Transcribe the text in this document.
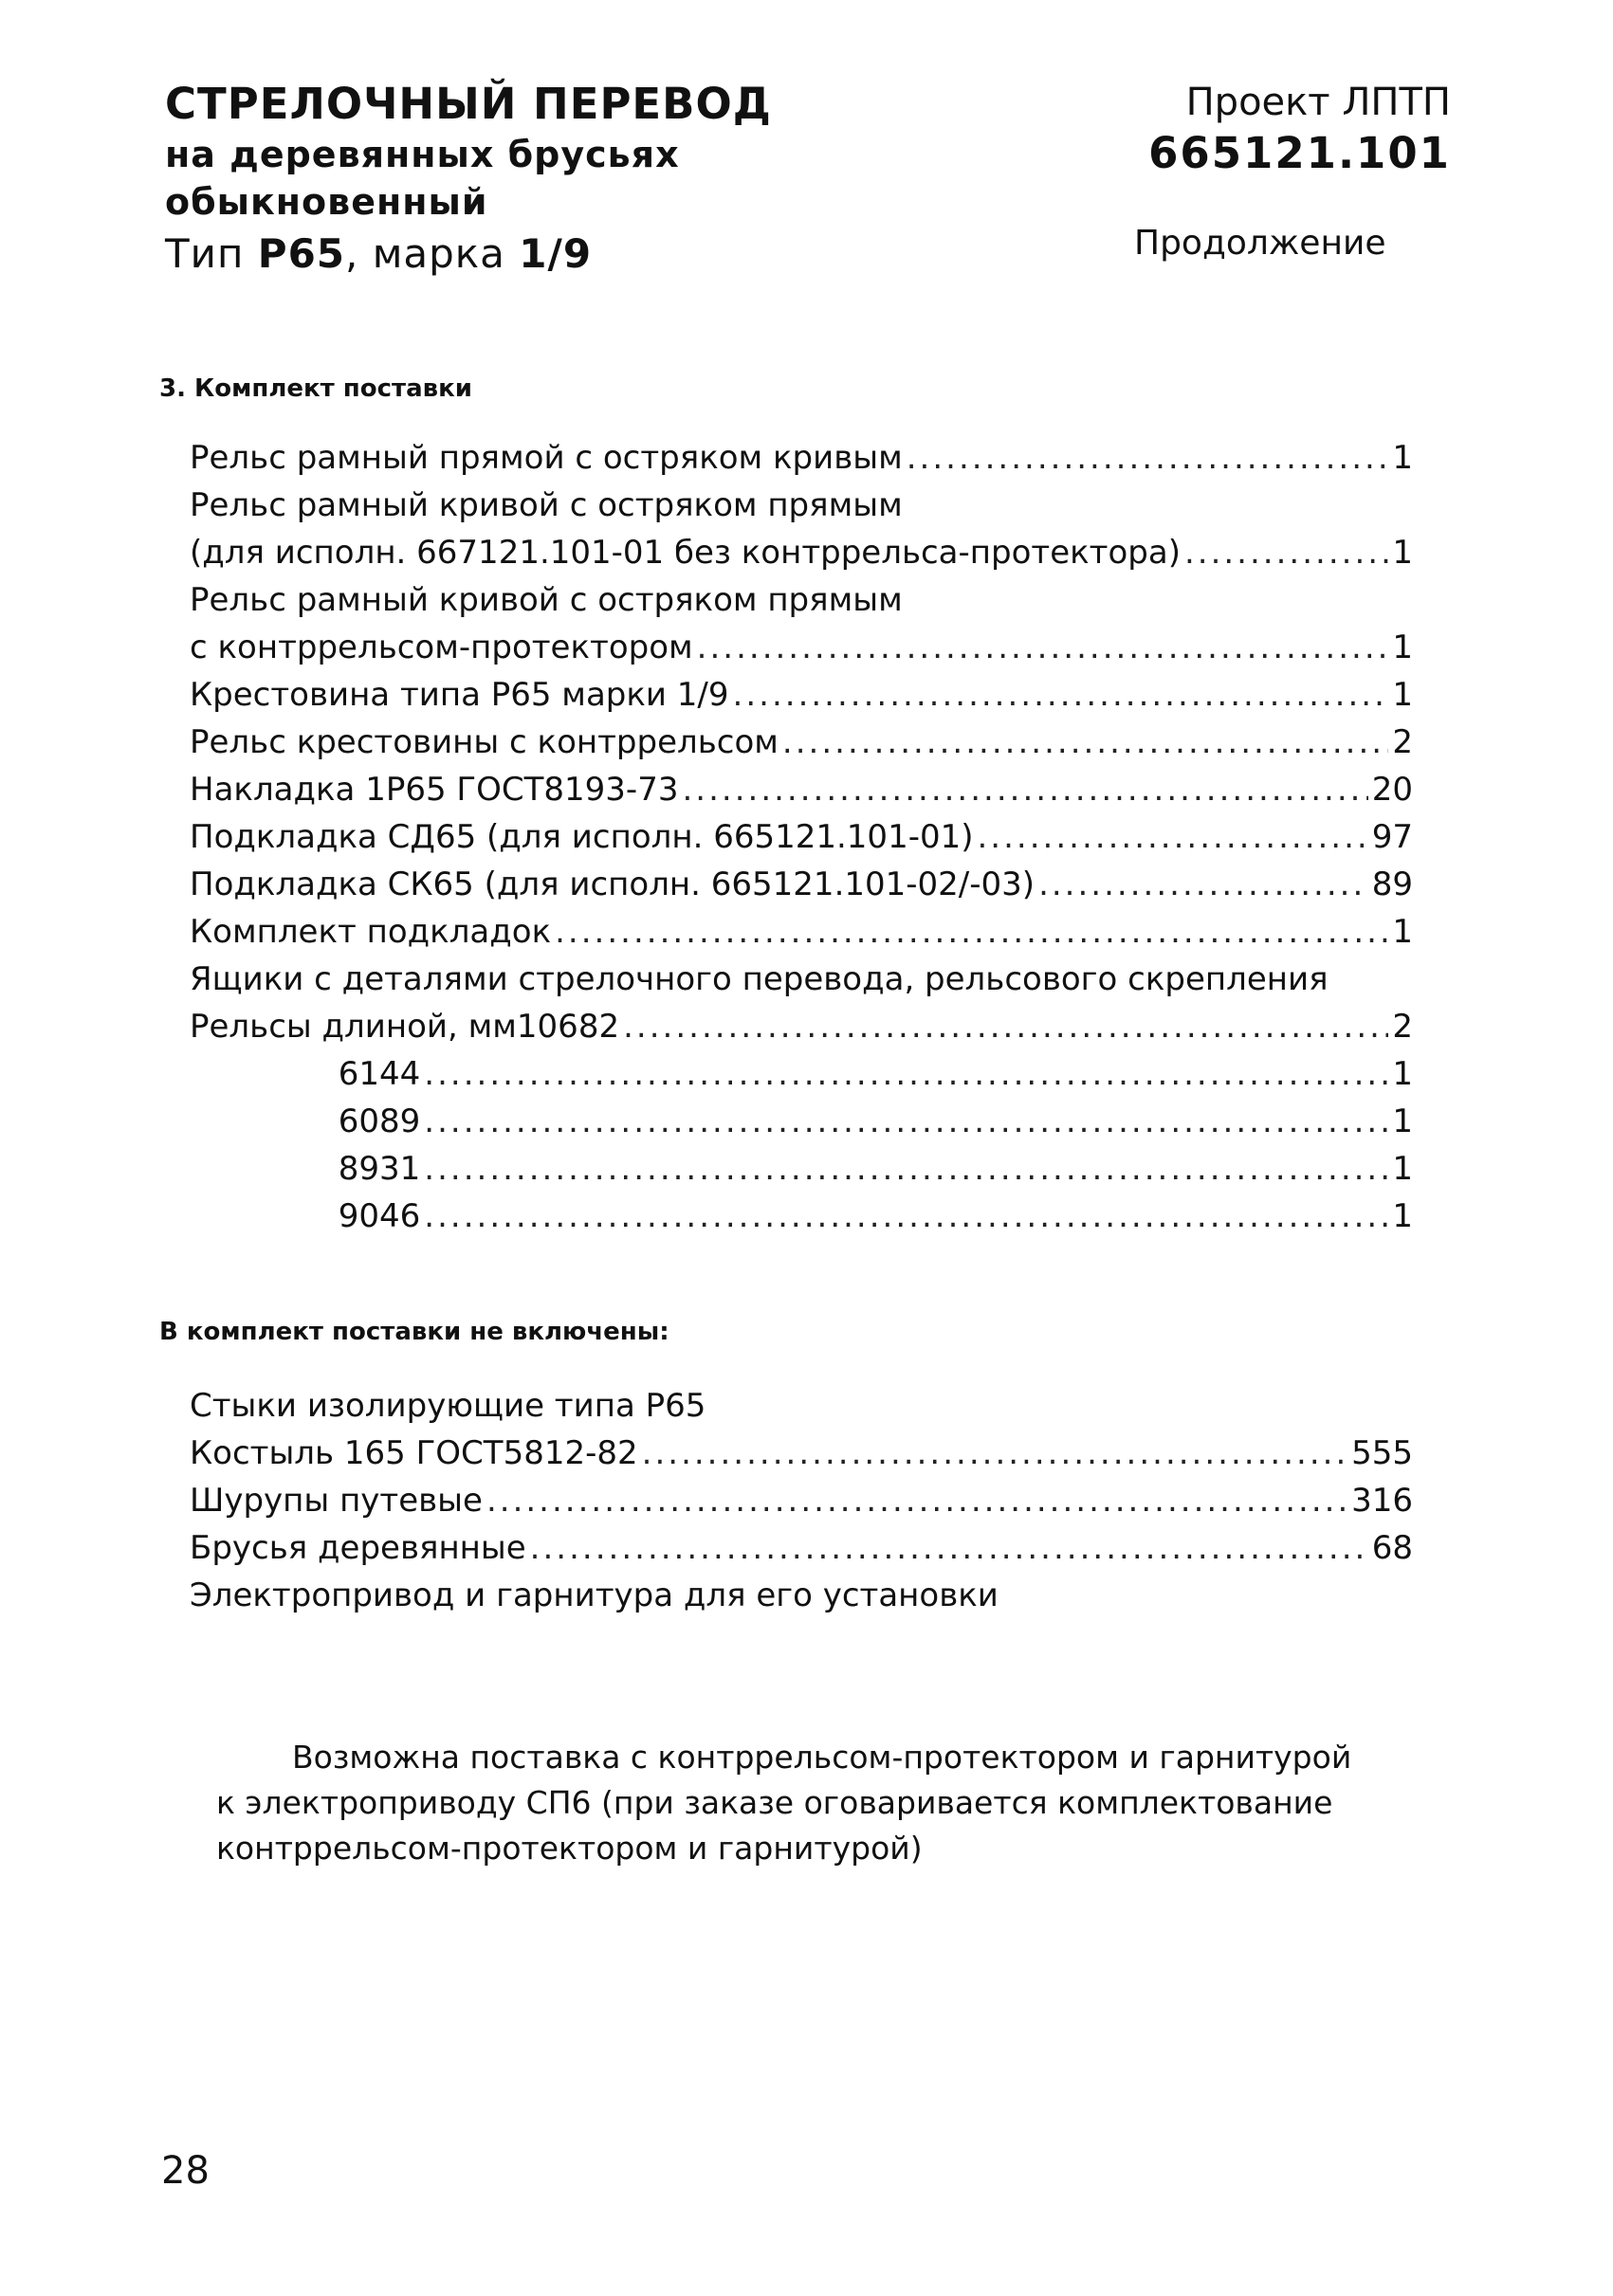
СТРЕЛОЧНЫЙ ПЕРЕВОД
на деревянных брусьях
обыкновенный
Тип Р65, марка 1/9
Проект ЛПТП
665121.101
Продолжение
3. Комплект поставки
Рельс рамный прямой с остряком кривым .....	1
Рельс рамный кривой с остряком прямым
(для исполн. 667121.101-01 без контррельса-протектора) .....	1
Рельс рамный кривой с остряком прямым
с контррельсом-протектором .....	1
Крестовина типа Р65 марки 1/9 .....	1
Рельс крестовины с контррельсом .....	2
Накладка 1Р65 ГОСТ8193-73 .....	20
Подкладка СД65 (для исполн. 665121.101-01) .....	97
Подкладка СК65 (для исполн. 665121.101-02/-03) .....	89
Комплект подкладок .....	1
Ящики с деталями стрелочного перевода, рельсового скрепления
Рельсы длиной, мм 10682 .....	2
6144 .....	1
6089 .....	1
8931 .....	1
9046 .....	1
В комплект поставки не включены:
Стыки изолирующие типа Р65
Костыль 165 ГОСТ5812-82 .....	555
Шурупы путевые .....	316
Брусья деревянные .....	68
Электропривод и гарнитура для его установки
Возможна поставка с контррельсом-протектором и гарнитурой
к электроприводу СП6 (при заказе оговаривается комплектование
контррельсом-протектором и гарнитурой)
28
